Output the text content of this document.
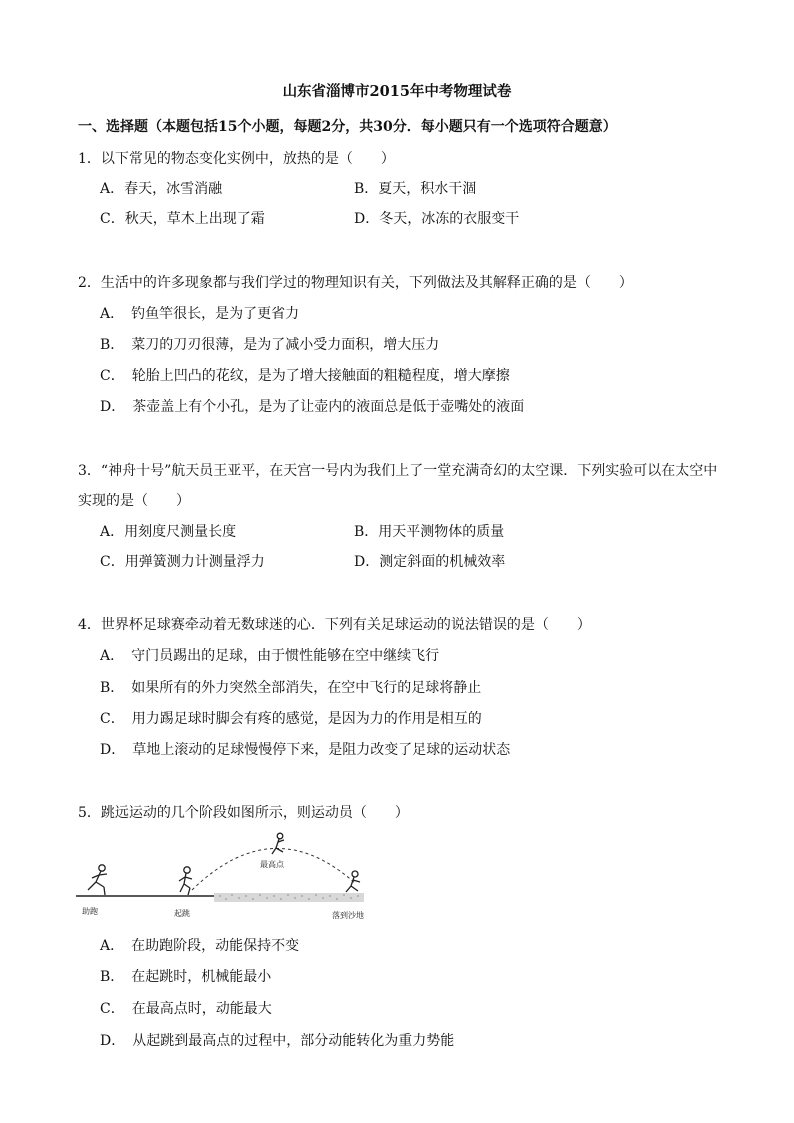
山东省淄博市2015年中考物理试卷
一、选择题（本题包括15个小题，每题2分，共30分．每小题只有一个选项符合题意）
1．以下常见的物态变化实例中，放热的是（　　）
A．春天，冰雪消融	B．夏天，积水干涸
C．秋天，草木上出现了霜	D．冬天，冰冻的衣服变干
2．生活中的许多现象都与我们学过的物理知识有关，下列做法及其解释正确的是（　　）
A．　钓鱼竿很长，是为了更省力
B．　菜刀的刀刃很薄，是为了减小受力面积，增大压力
C．　轮胎上凹凸的花纹，是为了增大接触面的粗糙程度，增大摩擦
D．　茶壶盖上有个小孔，是为了让壶内的液面总是低于壶嘴处的液面
3．“神舟十号”航天员王亚平，在天宫一号内为我们上了一堂充满奇幻的太空课．下列实验可以在太空中
实现的是（　　）
A．用刻度尺测量长度	B．用天平测物体的质量
C．用弹簧测力计测量浮力	D．测定斜面的机械效率
4．世界杯足球赛牵动着无数球迷的心．下列有关足球运动的说法错误的是（　　）
A．　守门员踢出的足球，由于惯性能够在空中继续飞行
B．　如果所有的外力突然全部消失，在空中飞行的足球将静止
C．　用力踢足球时脚会有疼的感觉，是因为力的作用是相互的
D．　草地上滚动的足球慢慢停下来，是阻力改变了足球的运动状态
5．跳远运动的几个阶段如图所示，则运动员（　　）
助跑	起跳
最高点
落到沙地
A．　在助跑阶段，动能保持不变
B．　在起跳时，机械能最小
C．　在最高点时，动能最大
D．　从起跳到最高点的过程中，部分动能转化为重力势能
